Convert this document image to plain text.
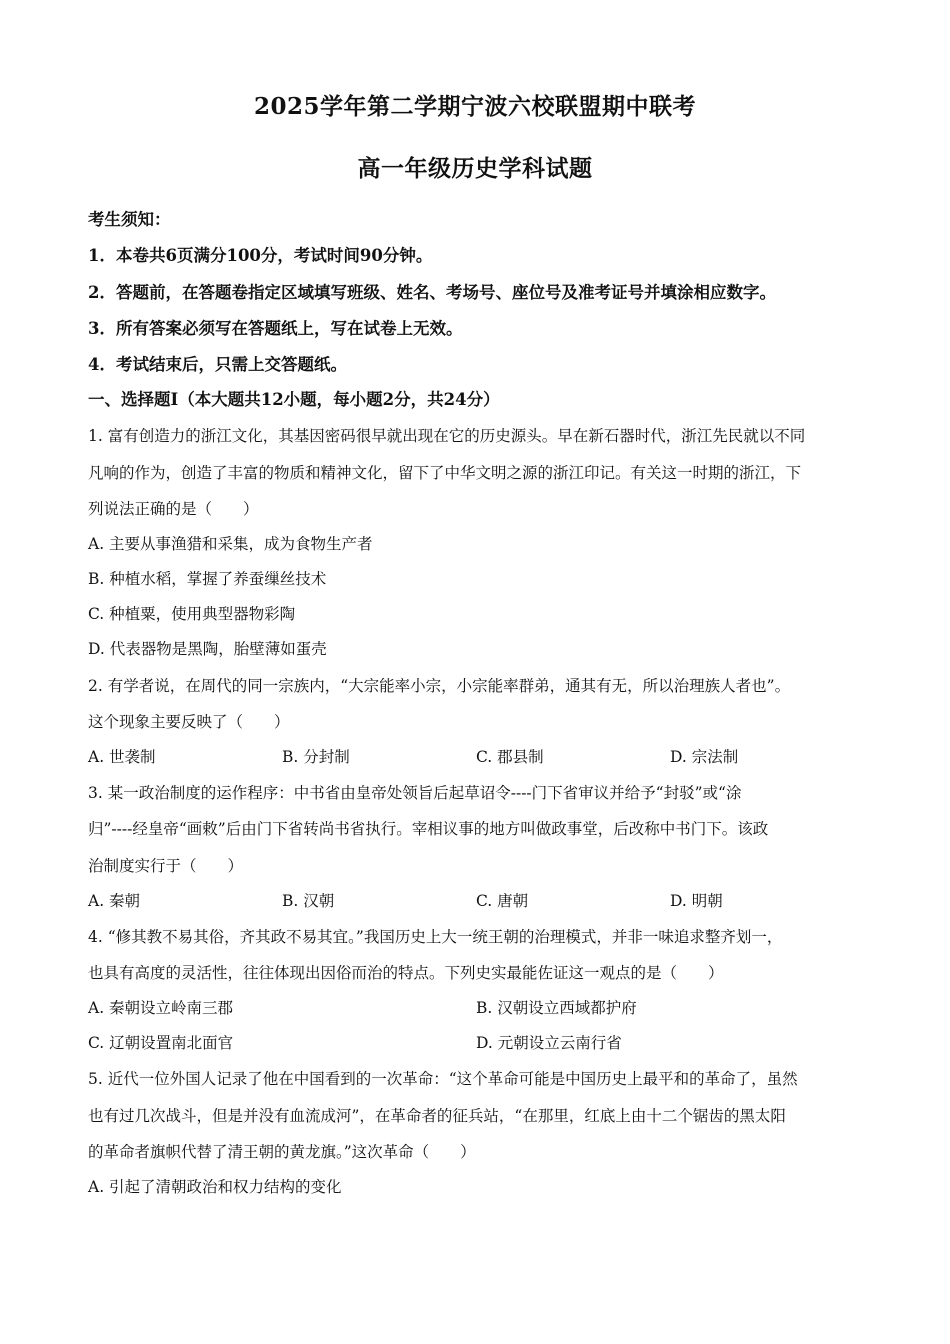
2025学年第二学期宁波六校联盟期中联考
高一年级历史学科试题
考生须知：
1．本卷共6页满分100分，考试时间90分钟。
2．答题前，在答题卷指定区域填写班级、姓名、考场号、座位号及准考证号并填涂相应数字。
3．所有答案必须写在答题纸上，写在试卷上无效。
4．考试结束后，只需上交答题纸。
一、选择题Ⅰ（本大题共12小题，每小题2分，共24分）
1. 富有创造力的浙江文化，其基因密码很早就出现在它的历史源头。早在新石器时代，浙江先民就以不同
凡响的作为，创造了丰富的物质和精神文化，留下了中华文明之源的浙江印记。有关这一时期的浙江，下
列说法正确的是（　　）
A. 主要从事渔猎和采集，成为食物生产者
B. 种植水稻，掌握了养蚕缫丝技术
C. 种植粟，使用典型器物彩陶
D. 代表器物是黑陶，胎壁薄如蛋壳
2. 有学者说，在周代的同一宗族内，“大宗能率小宗，小宗能率群弟，通其有无，所以治理族人者也”。
这个现象主要反映了（　　）
A. 世袭制	B. 分封制	C. 郡县制	D. 宗法制
3. 某一政治制度的运作程序：中书省由皇帝处领旨后起草诏令----门下省审议并给予“封驳”或“涂
归”----经皇帝“画敕”后由门下省转尚书省执行。宰相议事的地方叫做政事堂，后改称中书门下。该政
治制度实行于（　　）
A. 秦朝	B. 汉朝	C. 唐朝	D. 明朝
4. “修其教不易其俗，齐其政不易其宜。”我国历史上大一统王朝的治理模式，并非一味追求整齐划一，
也具有高度的灵活性，往往体现出因俗而治的特点。下列史实最能佐证这一观点的是（　　）
A. 秦朝设立岭南三郡	B. 汉朝设立西域都护府
C. 辽朝设置南北面官	D. 元朝设立云南行省
5. 近代一位外国人记录了他在中国看到的一次革命：“这个革命可能是中国历史上最平和的革命了，虽然
也有过几次战斗，但是并没有血流成河”，在革命者的征兵站，“在那里，红底上由十二个锯齿的黑太阳
的革命者旗帜代替了清王朝的黄龙旗。”这次革命（　　）
A. 引起了清朝政治和权力结构的变化
